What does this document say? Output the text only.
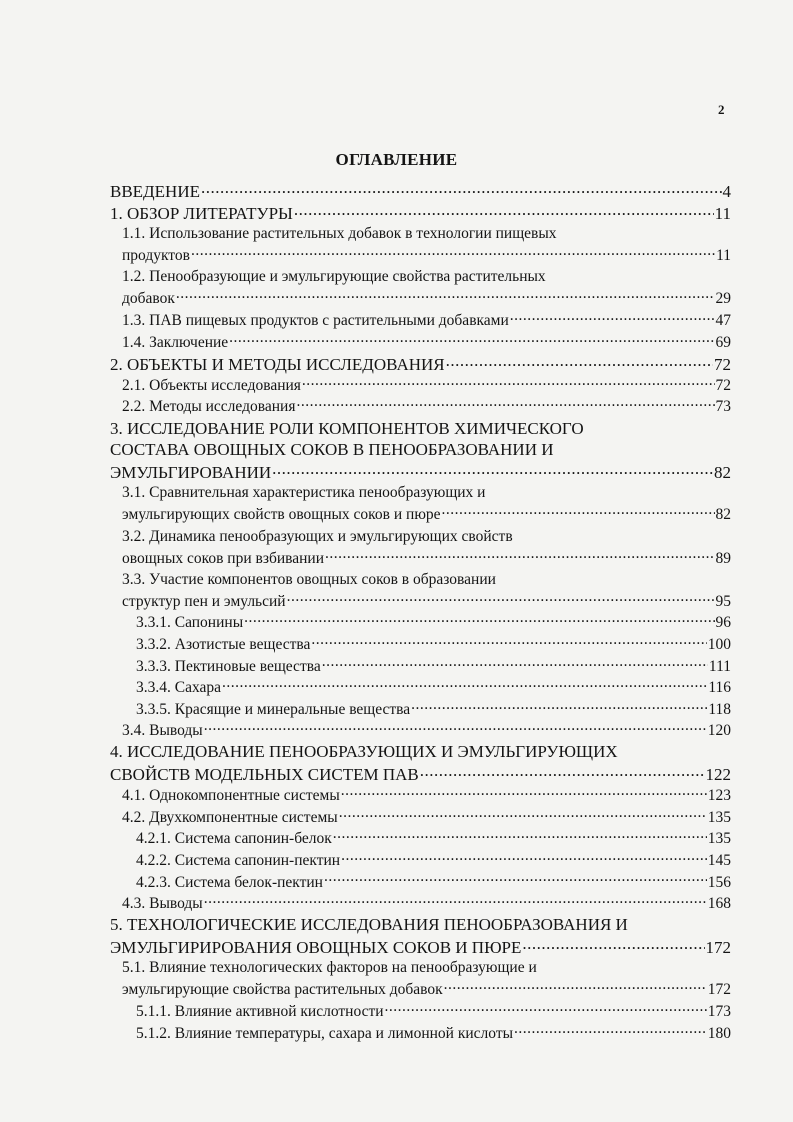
2
ОГЛАВЛЕНИЕ
ВВЕДЕНИЕ .....	4
1. ОБЗОР ЛИТЕРАТУРЫ .....	11
1.1. Использование растительных добавок в технологии пищевых
продуктов .....	11
1.2. Пенообразующие и эмульгирующие свойства растительных
добавок .....	29
1.3. ПАВ пищевых продуктов с растительными добавками .....	47
1.4. Заключение .....	69
2. ОБЪЕКТЫ И МЕТОДЫ ИССЛЕДОВАНИЯ .....	72
2.1. Объекты исследования .....	72
2.2. Методы исследования .....	73
3. ИССЛЕДОВАНИЕ РОЛИ КОМПОНЕНТОВ ХИМИЧЕСКОГО
СОСТАВА ОВОЩНЫХ СОКОВ В ПЕНООБРАЗОВАНИИ И
ЭМУЛЬГИРОВАНИИ .....	82
3.1. Сравнительная характеристика пенообразующих и
эмульгирующих свойств овощных соков и пюре .....	82
3.2. Динамика пенообразующих и эмульгирующих свойств
овощных соков при взбивании .....	89
3.3. Участие компонентов овощных соков в образовании
структур пен и эмульсий .....	95
3.3.1. Сапонины .....	96
3.3.2. Азотистые вещества .....	100
3.3.3. Пектиновые вещества .....	111
3.3.4. Сахара .....	116
3.3.5. Красящие и минеральные вещества .....	118
3.4. Выводы .....	120
4. ИССЛЕДОВАНИЕ ПЕНООБРАЗУЮЩИХ И ЭМУЛЬГИРУЮЩИХ
СВОЙСТВ МОДЕЛЬНЫХ СИСТЕМ ПАВ .....	122
4.1. Однокомпонентные системы .....	123
4.2. Двухкомпонентные системы .....	135
4.2.1. Система сапонин-белок .....	135
4.2.2. Система сапонин-пектин .....	145
4.2.3. Система белок-пектин .....	156
4.3. Выводы .....	168
5. ТЕХНОЛОГИЧЕСКИЕ ИССЛЕДОВАНИЯ ПЕНООБРАЗОВАНИЯ И
ЭМУЛЬГИРИРОВАНИЯ ОВОЩНЫХ СОКОВ И ПЮРЕ .....	172
5.1. Влияние технологических факторов на пенообразующие и
эмульгирующие свойства растительных добавок .....	172
5.1.1. Влияние активной кислотности .....	173
5.1.2. Влияние температуры, сахара и лимонной кислоты .....	180
